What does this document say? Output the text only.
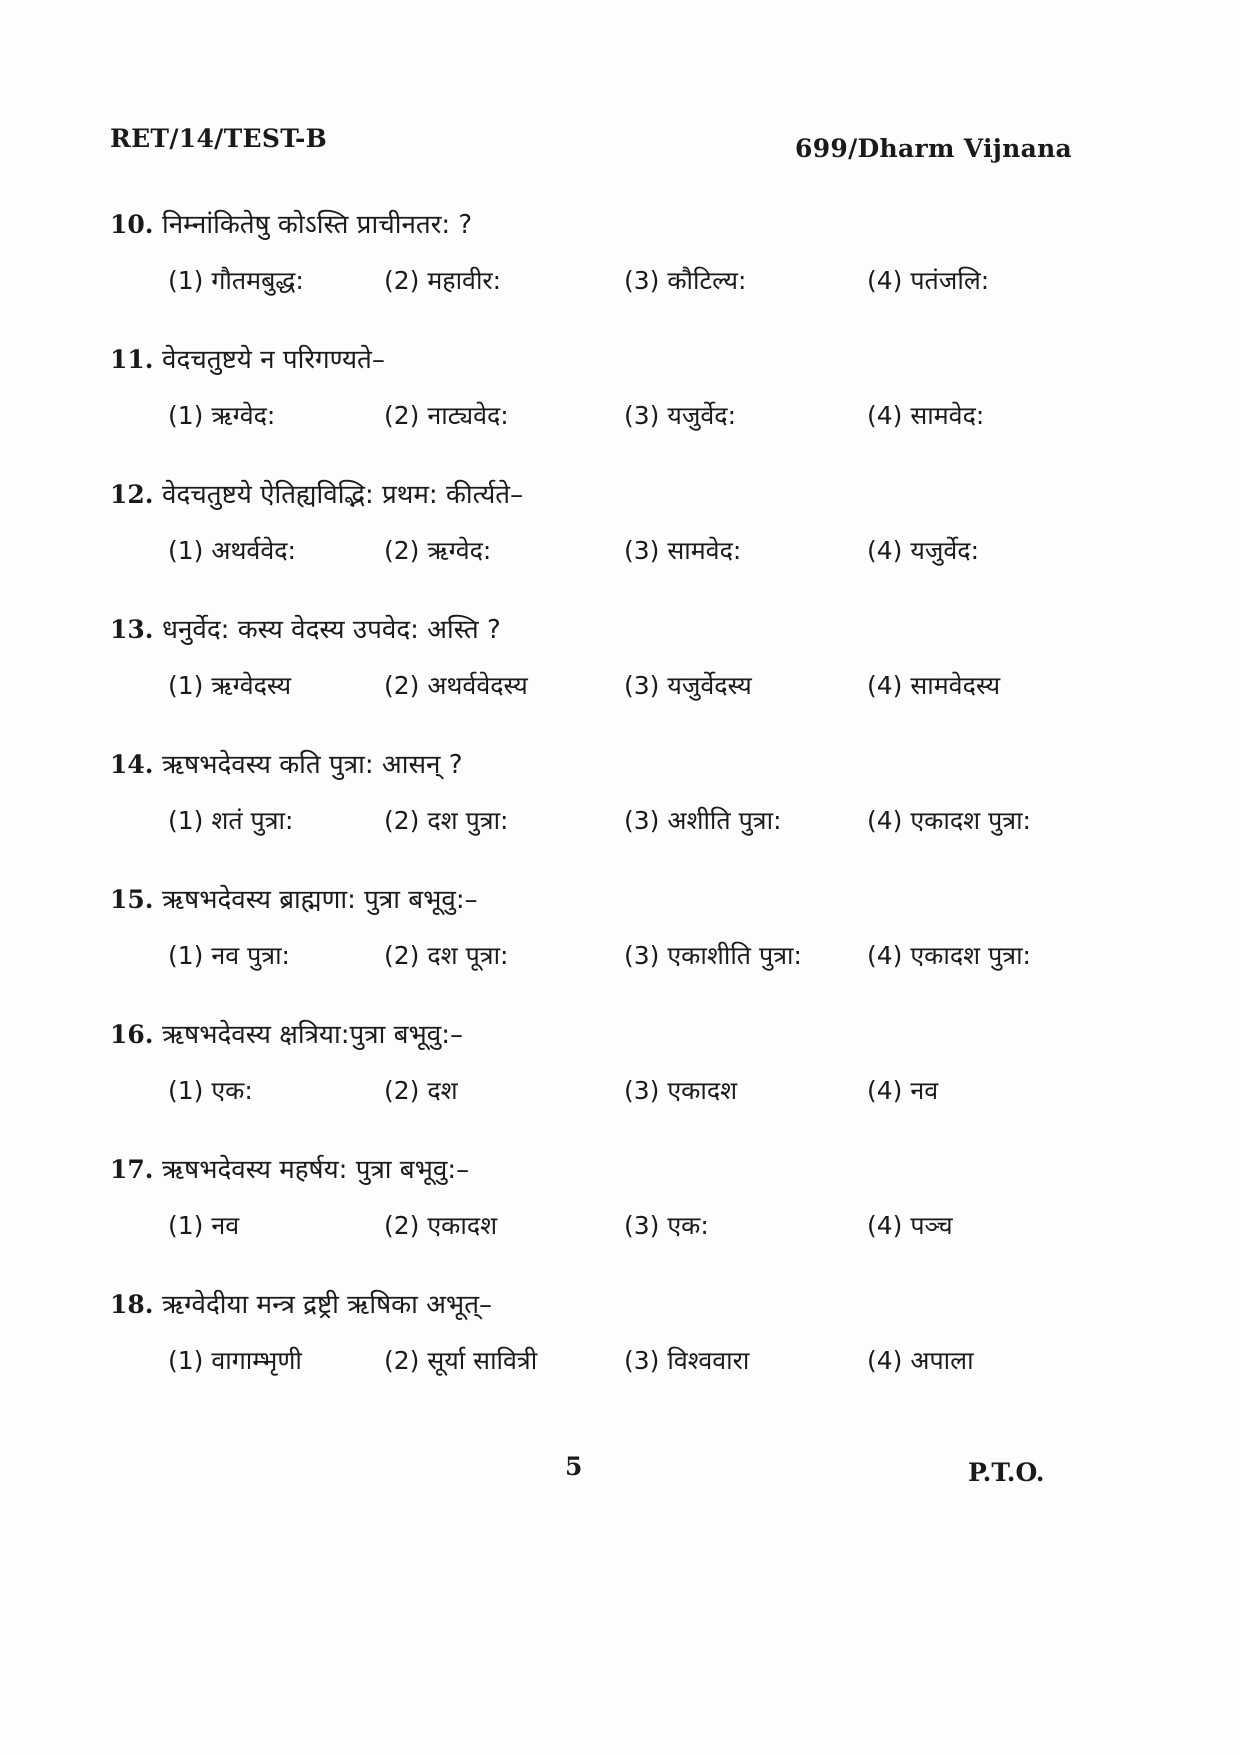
RET/14/TEST-B	699/Dharm Vijnana
10. निम्नांकितेषु कोऽस्ति प्राचीनतर: ?
(1) गौतमबुद्ध:	(2) महावीर:	(3) कौटिल्य:	(4) पतंजलि:
11. वेदचतुष्टये न परिगण्यते–
(1) ऋग्वेद:	(2) नाट्यवेद:	(3) यजुर्वेद:	(4) सामवेद:
12. वेदचतुष्टये ऐतिह्यविद्भि: प्रथम: कीर्त्यते–
(1) अथर्ववेद:	(2) ऋग्वेद:	(3) सामवेद:	(4) यजुर्वेद:
13. धनुर्वेद: कस्य वेदस्य उपवेद: अस्ति ?
(1) ऋग्वेदस्य	(2) अथर्ववेदस्य	(3) यजुर्वेदस्य	(4) सामवेदस्य
14. ऋषभदेवस्य कति पुत्रा: आसन् ?
(1) शतं पुत्रा:	(2) दश पुत्रा:	(3) अशीति पुत्रा:	(4) एकादश पुत्रा:
15. ऋषभदेवस्य ब्राह्मणा: पुत्रा बभूवु:–
(1) नव पुत्रा:	(2) दश पूत्रा:	(3) एकाशीति पुत्रा:	(4) एकादश पुत्रा:
16. ऋषभदेवस्य क्षत्रिया:पुत्रा बभूवु:–
(1) एक:	(2) दश	(3) एकादश	(4) नव
17. ऋषभदेवस्य महर्षय: पुत्रा बभूवु:–
(1) नव	(2) एकादश	(3) एक:	(4) पञ्च
18. ऋग्वेदीया मन्त्र द्रष्ट्री ऋषिका अभूत्–
(1) वागाम्भृणी	(2) सूर्या सावित्री	(3) विश्ववारा	(4) अपाला
5	P.T.O.
